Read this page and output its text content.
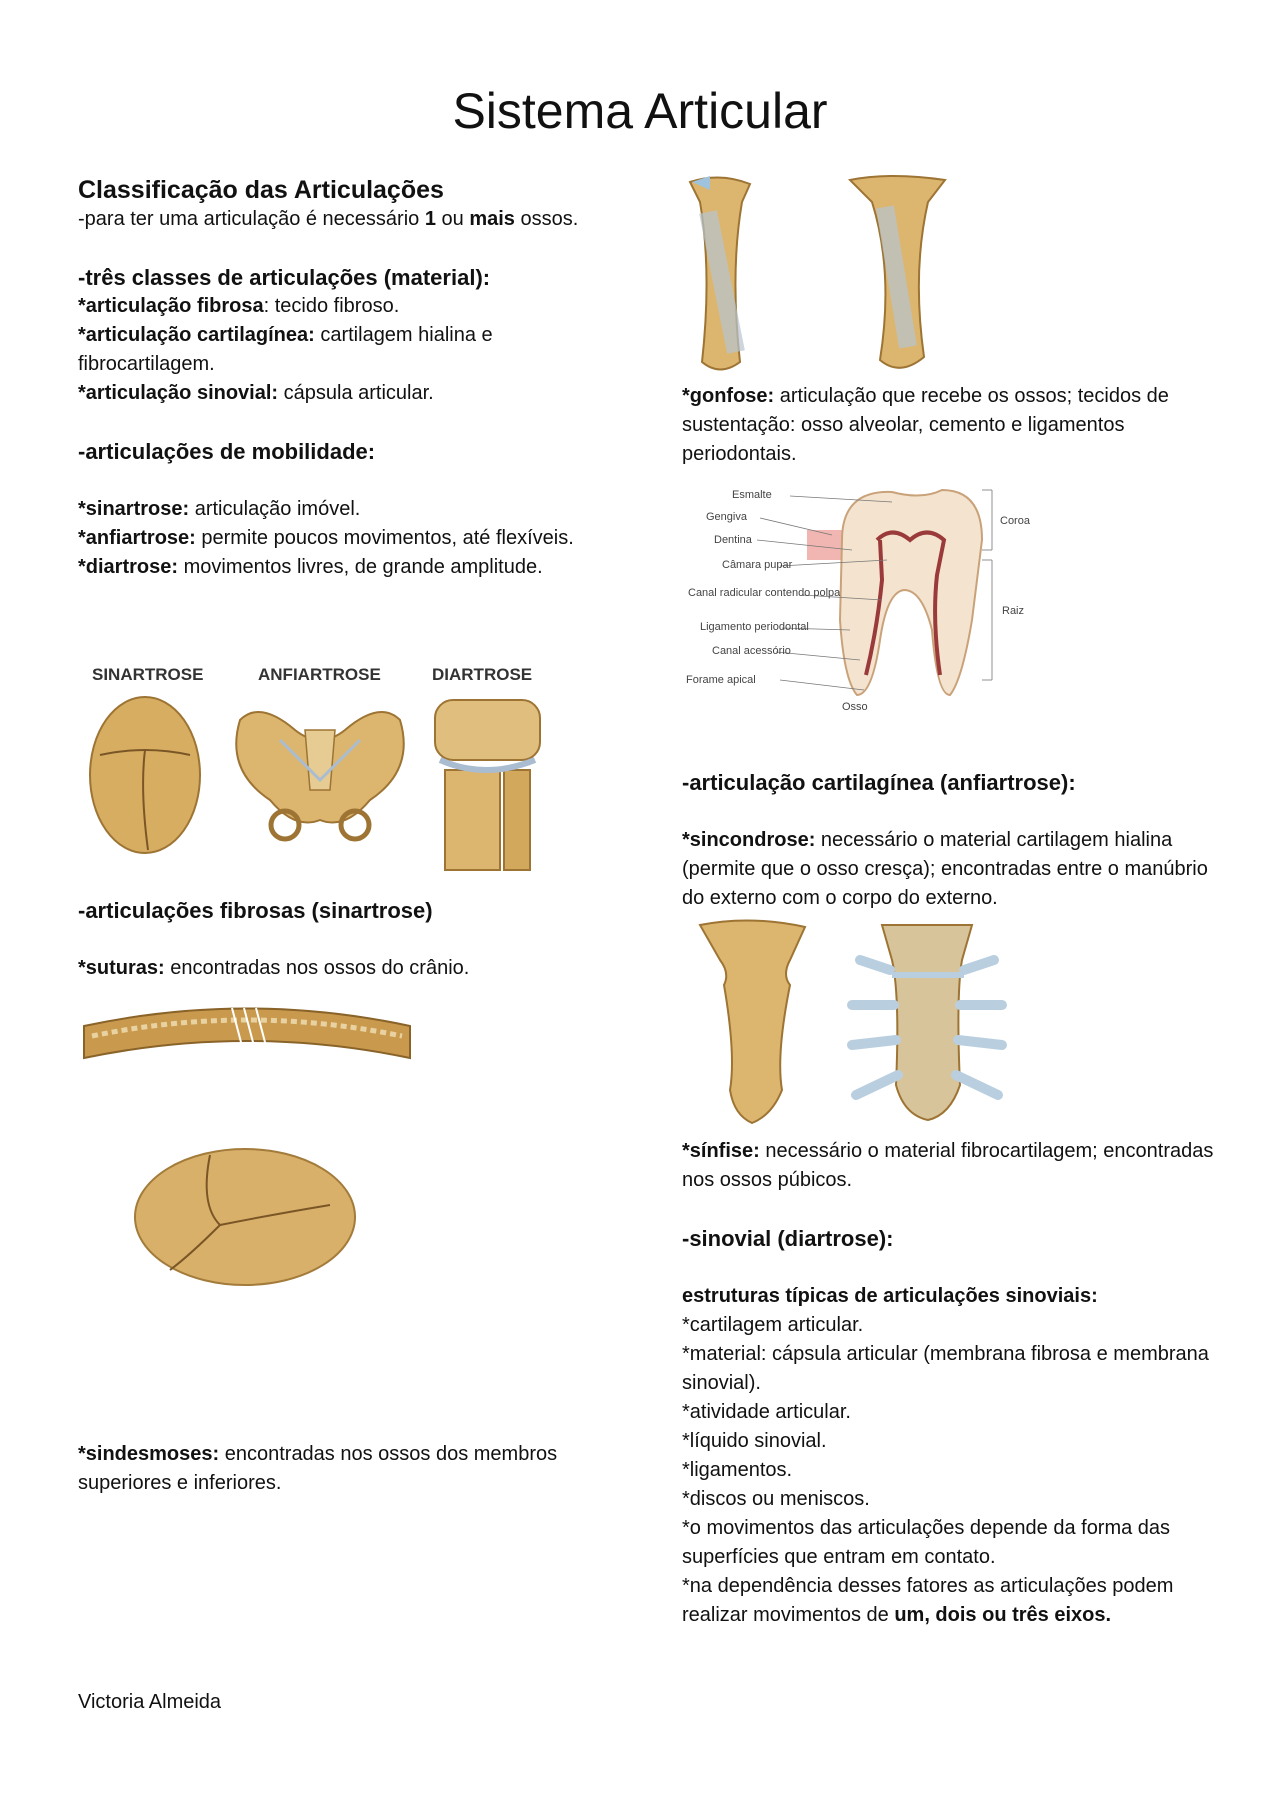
Sistema Articular
Classificação das Articulações
-para ter uma articulação é necessário 1 ou mais ossos.
-três classes de articulações (material):
*articulação fibrosa: tecido fibroso.
*articulação cartilagínea: cartilagem hialina e fibrocartilagem.
*articulação sinovial: cápsula articular.
-articulações de mobilidade:
*sinartrose: articulação imóvel.
*anfiartrose: permite poucos movimentos, até flexíveis.
*diartrose: movimentos livres, de grande amplitude.
SINARTROSE	ANFIARTROSE	DIARTROSE
-articulações fibrosas (sinartrose)
*suturas: encontradas nos ossos do crânio.
*sindesmoses: encontradas nos ossos dos membros superiores e inferiores.
Victoria Almeida
*gonfose: articulação que recebe os ossos; tecidos de sustentação: osso alveolar, cemento e ligamentos periodontais.
Esmalte
Gengiva
Dentina
Câmara pupar
Canal radicular contendo polpa
Ligamento periodontal
Canal acessório
Forame apical
Osso
Coroa
Raiz
-articulação cartilagínea (anfiartrose):
*sincondrose: necessário o material cartilagem hialina (permite que o osso cresça); encontradas entre o manúbrio do externo com o corpo do externo.
*sínfise: necessário o material fibrocartilagem; encontradas nos ossos púbicos.
-sinovial (diartrose):
estruturas típicas de articulações sinoviais:
*cartilagem articular.
*material: cápsula articular (membrana fibrosa e membrana sinovial).
*atividade articular.
*líquido sinovial.
*ligamentos.
*discos ou meniscos.
*o movimentos das articulações depende da forma das superfícies que entram em contato.
*na dependência desses fatores as articulações podem realizar movimentos de um, dois ou três eixos.
